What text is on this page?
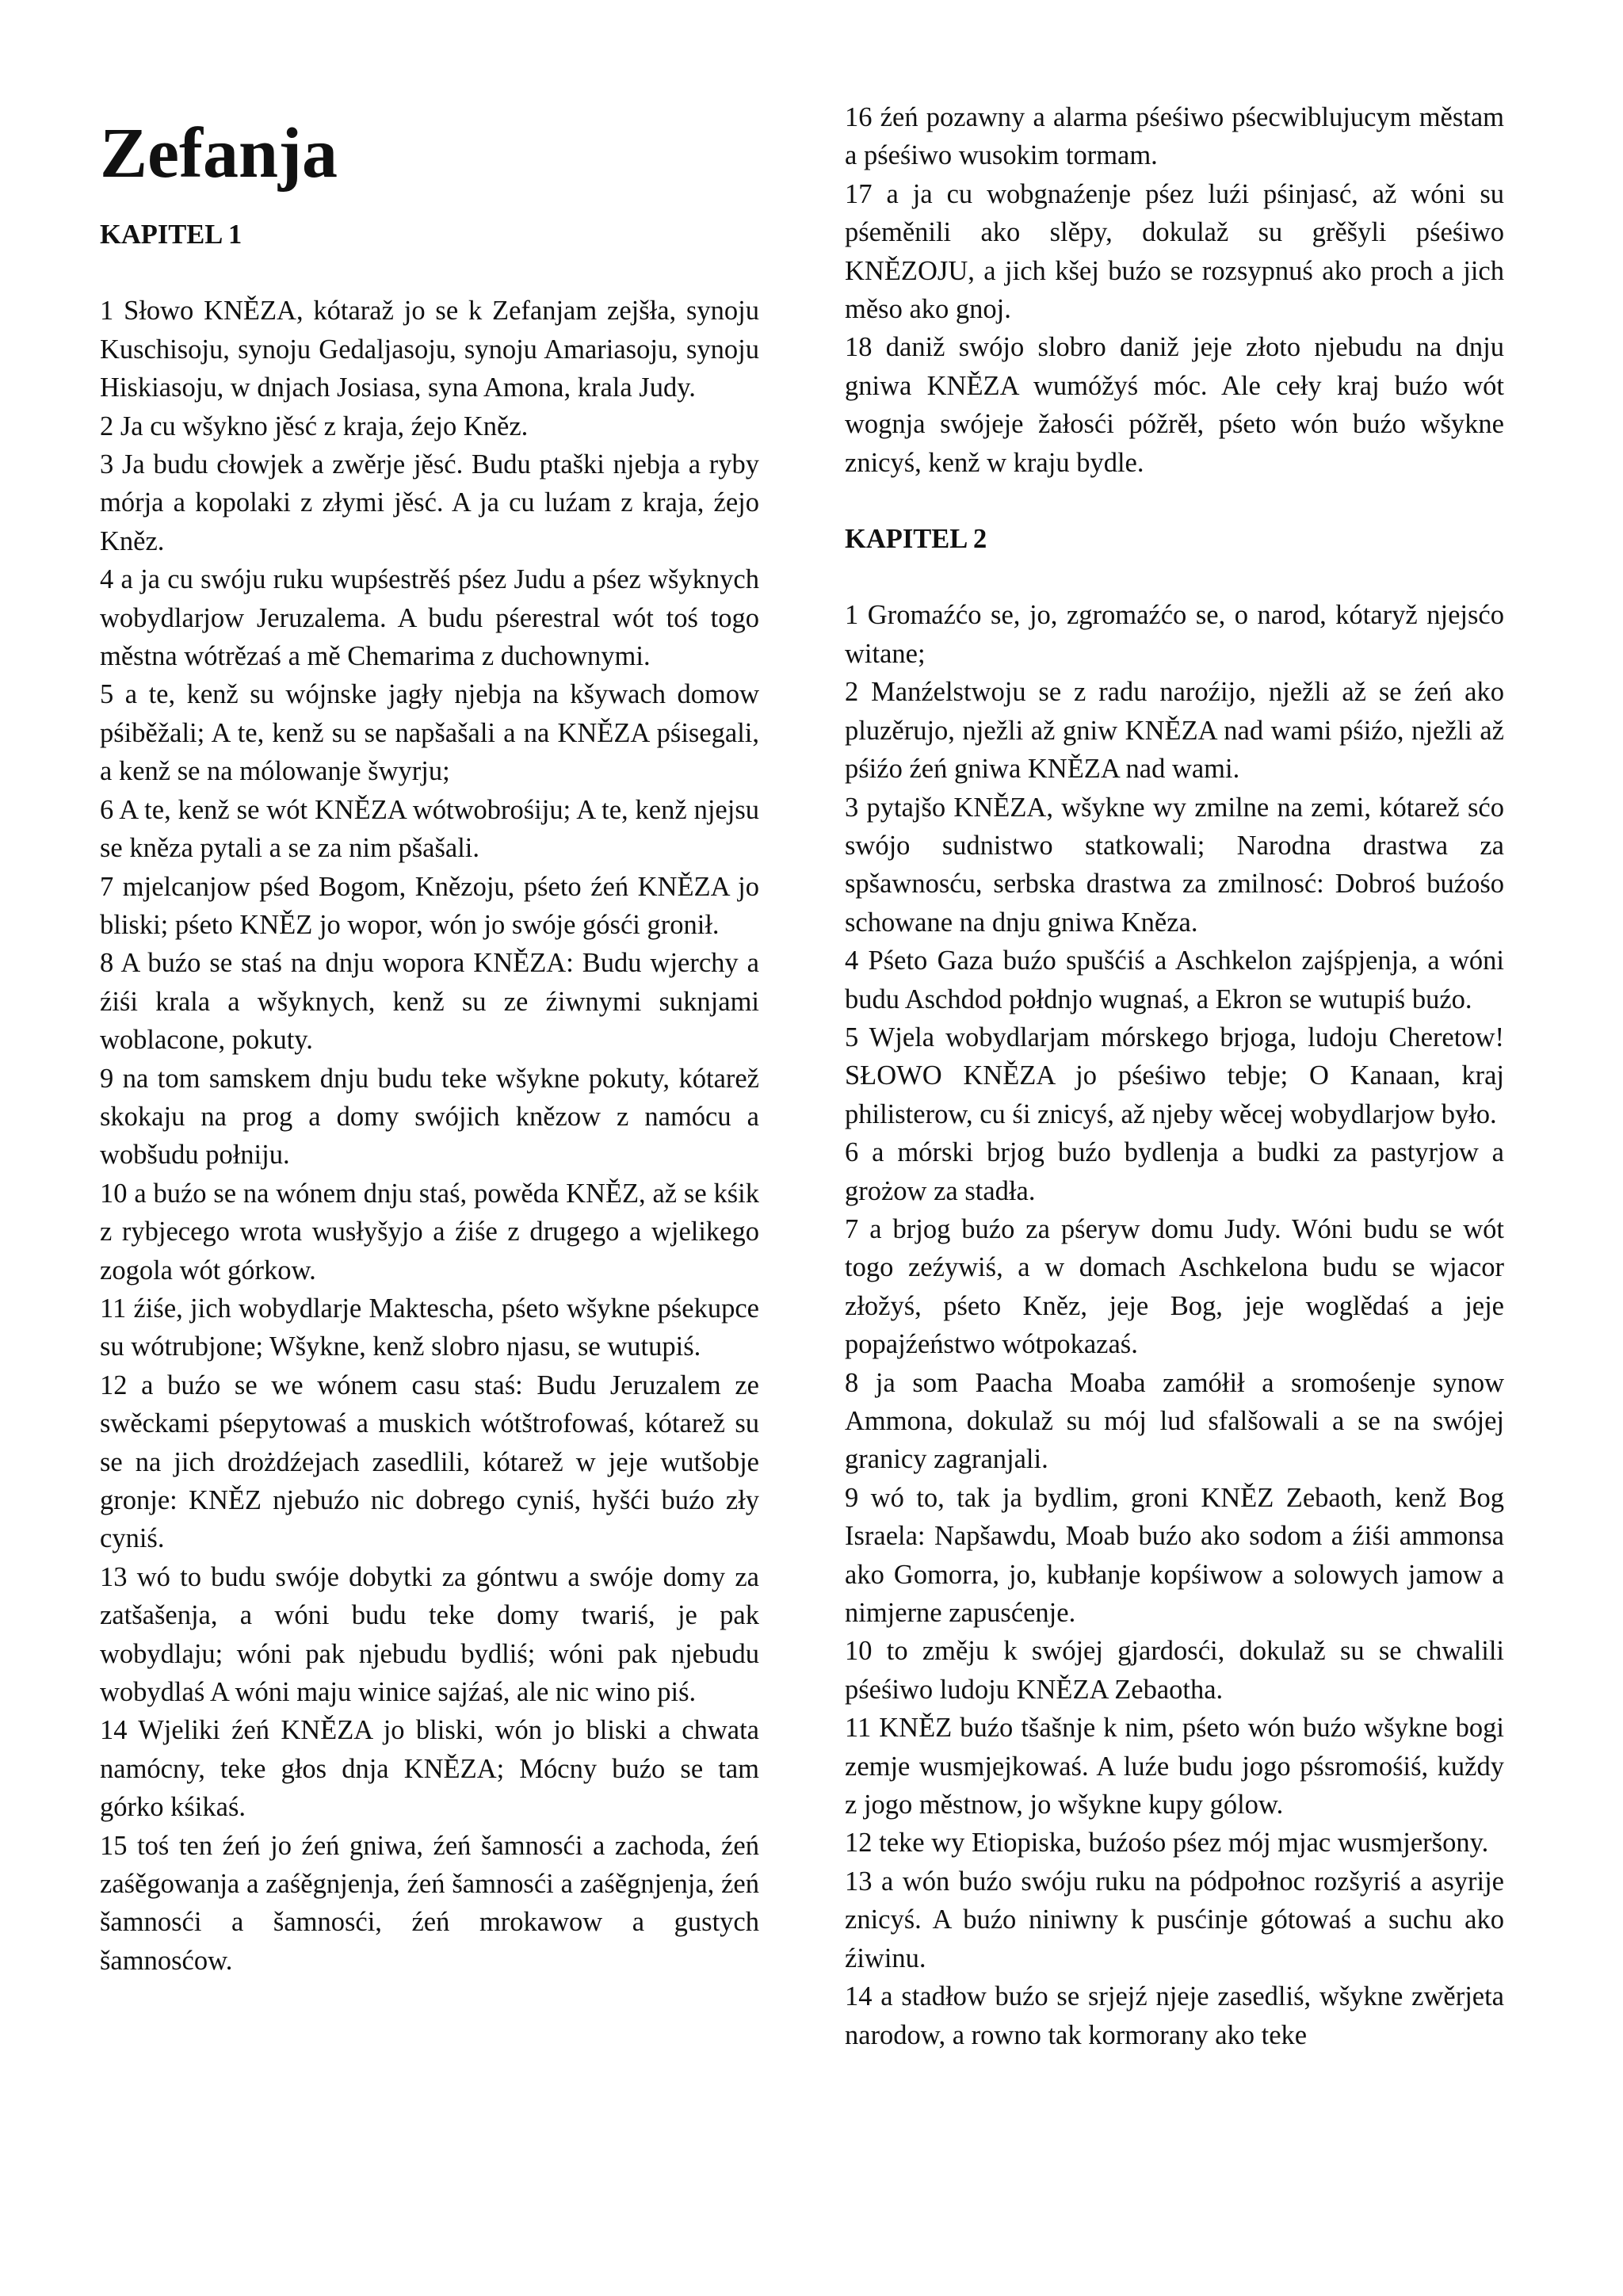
Zefanja
KAPITEL 1

1 Słowo KNĚZA, kótaraž jo se k Zefanjam zejšła, synoju Kuschisoju, synoju Gedaljasoju, synoju Amariasoju, synoju Hiskiasoju, w dnjach Josiasa, syna Amona, krala Judy.

2 Ja cu wšykno jěsć z kraja, źejo Kněz.

3 Ja budu cłowjek a zwěrje jěsć. Budu ptaški njebja a ryby mórja a kopolaki z złymi jěsć. A ja cu luźam z kraja, źejo Kněz.

4 a ja cu swóju ruku wupśestrěś pśez Judu a pśez wšyknych wobydlarjow Jeruzalema. A budu pśerestral wót toś togo městna wótrězaś a mě Chemarima z duchownymi.

5 a te, kenž su wójnske jagły njebja na kšywach domow pśiběžali; A te, kenž su se napšašali a na KNĚZA pśisegali, a kenž se na mólowanje šwyrju;

6 A te, kenž se wót KNĚZA wótwobrośiju; A te, kenž njejsu se kněza pytali a se za nim pšašali.

7 mjelcanjow pśed Bogom, Knězoju, pśeto źeń KNĚZA jo bliski; pśeto KNĚZ jo wopor, wón jo swóje gósći gronił.

8 A buźo se staś na dnju wopora KNĚZA: Budu wjerchy a źiśi krala a wšyknych, kenž su ze źiwnymi suknjami woblacone, pokuty.

9 na tom samskem dnju budu teke wšykne pokuty, kótarež skokaju na prog a domy swójich knězow z namócu a wobšudu połniju.

10 a buźo se na wónem dnju staś, powěda KNĚZ, až se kśik z rybjecego wrota wusłyšyjo a źiśe z drugego a wjelikego zogola wót górkow.

11 źiśe, jich wobydlarje Maktescha, pśeto wšykne pśekupce su wótrubjone; Wšykne, kenž slobro njasu, se wutupiś.

12 a buźo se we wónem casu staś: Budu Jeruzalem ze swěckami pśepytowaś a muskich wótštrofowaś, kótarež su se na jich drożdźejach zasedlili, kótarež w jeje wutšobje gronje: KNĚZ njebuźo nic dobrego cyniś, hyšći buźo zły cyniś.

13 wó to budu swóje dobytki za góntwu a swóje domy za zatšašenja, a wóni budu teke domy twariś, je pak wobydlaju; wóni pak njebudu bydliś; wóni pak njebudu wobydlaś A wóni maju winice sajźaś, ale nic wino piś.

14 Wjeliki źeń KNĚZA jo bliski, wón jo bliski a chwata namócny, teke głos dnja KNĚZA; Mócny buźo se tam górko kśikaś.

15 toś ten źeń jo źeń gniwa, źeń šamnosći a zachoda, źeń zaśěgowanja a zaśěgnjenja, źeń šamnosći a zaśěgnjenja, źeń šamnosći a šamnosći, źeń mrokawow a gustych šamnosćow.

16 źeń pozawny a alarma pśeśiwo pśecwiblujucym městam a pśeśiwo wusokim tormam.

17 a ja cu wobgnaźenje pśez luźi pśinjasć, až wóni su pśeměnili ako slěpy, dokulaž su grěšyli pśeśiwo KNĚZOJU, a jich kšej buźo se rozsypnuś ako proch a jich měso ako gnoj.

18 daniž swójo slobro daniž jeje złoto njebudu na dnju gniwa KNĚZA wumóžyś móc. Ale cełу kraj buźo wót wognja swójeje žałosći póžrěł, pśeto wón buźo wšykne znicyś, kenž w kraju bydle.

KAPITEL 2

1 Gromaźćo se, jo, zgromaźćo se, o narod, kótaryž njejsćo witane;

2 Manźelstwoju se z radu naroźijo, nježli až se źeń ako pluzěrujo, nježli až gniw KNĚZA nad wami pśiźo, nježli až pśiźo źeń gniwa KNĚZA nad wami.

3 pytajšo KNĚZA, wšykne wy zmilne na zemi, kótarež sćo swójo sudnistwo statkowali; Narodna drastwa za spšawnosću, serbska drastwa za zmilnosć: Dobroś buźośo schowane na dnju gniwa Kněza.

4 Pśeto Gaza buźo spušćiś a Aschkelon zajśpjenja, a wóni budu Aschdod połdnjo wugnaś, a Ekron se wutupiś buźo.

5 Wjela wobydlarjam mórskego brjoga, ludoju Cheretow! SŁOWO KNĚZA jo pśeśiwo tebje; O Kanaan, kraj philisterow, cu śi znicyś, až njeby wěcej wobydlarjow było.

6 a mórski brjog buźo bydlenja a budki za pastyrjow a grożow za stadła.

7 a brjog buźo za pśeryw domu Judy. Wóni budu se wót togo zeźywiś, a w domach Aschkelona budu se wjacor złožyś, pśeto Kněz, jeje Bog, jeje woglědaś a jeje popajźeństwo wótpokazaś.

8 ja som Paacha Moaba zamółił a sromośenje synow Ammona, dokulaž su mój lud sfalšowali a se na swójej granicy zagranjali.

9 wó to, tak ja bydlim, groni KNĚZ Zebaoth, kenž Bog Israela: Napšawdu, Moab buźo ako sodom a źiśi ammonsa ako Gomorra, jo, kubłanje kopśiwow a solowych jamow a nimjerne zapusćenje.

10 to změju k swójej gjardosći, dokulaž su se chwalili pśeśiwo ludoju KNĚZA Zebaotha.

11 KNĚZ buźo tšašnje k nim, pśeto wón buźo wšykne bogi zemje wusmjejkowaś. A luźe budu jogo pśsromośiś, kuždy z jogo městnow, jo wšykne kupy gólow.

12 teke wy Etiopiska, buźośo pśez mój mjac wusmjeršony.

13 a wón buźo swóju ruku na pódpołnoc rozšyriś a asyrije znicyś. A buźo niniwny k pusćinje gótowaś a suchu ako źiwinu.

14 a stadłow buźo se srjejź njeje zasedliś, wšykne zwěrjeta narodow, a rowno tak kormorany ako teke
